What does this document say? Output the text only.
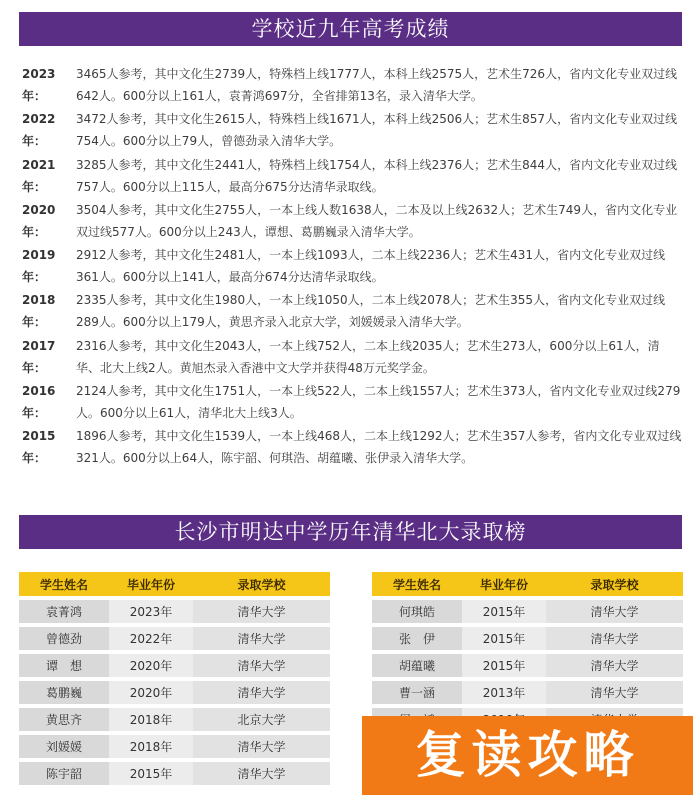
学校近九年高考成绩
2023年：
3465人参考，其中文化生2739人，特殊档上线1777人，本科上线2575人，艺术生726人，省内文化专业双过线642人。600分以上161人，袁菁鸿697分，全省排第13名，录入清华大学。
2022年：
3472人参考，其中文化生2615人，特殊档上线1671人，本科上线2506人；艺术生857人，省内文化专业双过线754人。600分以上79人，曾德劲录入清华大学。
2021年：
3285人参考，其中文化生2441人，特殊档上线1754人，本科上线2376人；艺术生844人，省内文化专业双过线757人。600分以上115人，最高分675分达清华录取线。
2020年：
3504人参考，其中文化生2755人，一本上线人数1638人，二本及以上线2632人；艺术生749人，省内文化专业双过线577人。600分以上243人，谭想、葛鹏巍录入清华大学。
2019年：
2912人参考，其中文化生2481人，一本上线1093人，二本上线2236人；艺术生431人，省内文化专业双过线361人。600分以上141人，最高分674分达清华录取线。
2018年：
2335人参考，其中文化生1980人，一本上线1050人，二本上线2078人；艺术生355人，省内文化专业双过线289人。600分以上179人，黄思齐录入北京大学，刘媛媛录入清华大学。
2017年：
2316人参考，其中文化生2043人，一本上线752人，二本上线2035人；艺术生273人，600分以上61人，清华、北大上线2人。黄旭杰录入香港中文大学并获得48万元奖学金。
2016年：
2124人参考，其中文化生1751人，一本上线522人，二本上线1557人；艺术生373人，省内文化专业双过线279人。600分以上61人，清华北大上线3人。
2015年：
1896人参考，其中文化生1539人，一本上线468人，二本上线1292人；艺术生357人参考，省内文化专业双过线321人。600分以上64人，陈宇韶、何琪浩、胡蕴曦、张伊录入清华大学。
长沙市明达中学历年清华北大录取榜
学生姓名	毕业年份	录取学校
袁菁鸿	2023年	清华大学
曾德劲	2022年	清华大学
谭　想	2020年	清华大学
葛鹏巍	2020年	清华大学
黄思齐	2018年	北京大学
刘媛媛	2018年	清华大学
陈宇韶	2015年	清华大学
学生姓名	毕业年份	录取学校
何琪皓	2015年	清华大学
张　伊	2015年	清华大学
胡蕴曦	2015年	清华大学
曹一涵	2013年	清华大学

复读攻略
